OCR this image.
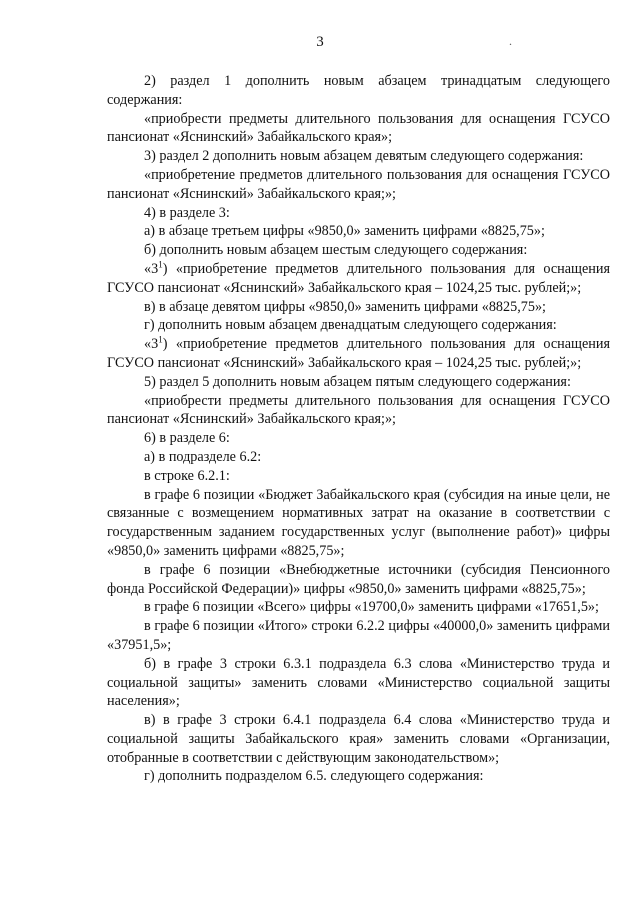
3	.

2) раздел 1 дополнить новым абзацем тринадцатым следующего содержания:

«приобрести предметы длительного пользования для оснащения ГСУСО пансионат «Яснинский» Забайкальского края»;

3) раздел 2 дополнить новым абзацем девятым следующего содержания:

«приобретение предметов длительного пользования для оснащения ГСУСО пансионат «Яснинский» Забайкальского края;»;

4) в разделе 3:

а) в абзаце третьем цифры «9850,0» заменить цифрами «8825,75»;

б) дополнить новым абзацем шестым следующего содержания:

«$3^1$) «приобретение предметов длительного пользования для оснащения ГСУСО пансионат «Яснинский» Забайкальского края – 1024,25 тыс. рублей;»;

в) в абзаце девятом цифры «9850,0» заменить цифрами «8825,75»;

г) дополнить новым абзацем двенадцатым следующего содержания:

«$3^1$) «приобретение предметов длительного пользования для оснащения ГСУСО пансионат «Яснинский» Забайкальского края – 1024,25 тыс. рублей;»;

5) раздел 5 дополнить новым абзацем пятым следующего содержания:

«приобрести предметы длительного пользования для оснащения ГСУСО пансионат «Яснинский» Забайкальского края;»;

6) в разделе 6:

а) в подразделе 6.2:

в строке 6.2.1:

в графе 6 позиции «Бюджет Забайкальского края (субсидия на иные цели, не связанные с возмещением нормативных затрат на оказание в соответствии с государственным заданием государственных услуг (выполнение работ)» цифры «9850,0» заменить цифрами «8825,75»;

в графе 6 позиции «Внебюджетные источники (субсидия Пенсионного фонда Российской Федерации)» цифры «9850,0» заменить цифрами «8825,75»;

в графе 6 позиции «Всего» цифры «19700,0» заменить цифрами «17651,5»;

в графе 6 позиции «Итого» строки 6.2.2 цифры «40000,0» заменить цифрами «37951,5»;

б) в графе 3 строки 6.3.1 подраздела 6.3 слова «Министерство труда и социальной защиты» заменить словами «Министерство социальной защиты населения»;

в) в графе 3 строки 6.4.1 подраздела 6.4 слова «Министерство труда и социальной защиты Забайкальского края» заменить словами «Организации, отобранные в соответствии с действующим законодательством»;

г) дополнить подразделом 6.5. следующего содержания:
